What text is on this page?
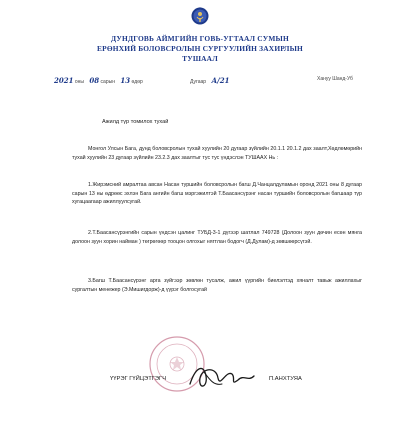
ДУНДГОВЬ АЙМГИЙН ГОВЬ-УГТААЛ СУМЫН
ЕРӨНХИЙ БОЛОВСРОЛЫН СУРГУУЛИЙН ЗАХИРЛЫН
ТУШААЛ
2021 оны 08 сарын 13 өдөр	Дугаар А/21	Хануу Шанд-Уб
Ажилд түр томилох тухай
Монгол Улсын Бага, дунд боловсролын тухай хуулийн 20 дугаар зүйлийн 20.1.1 20.1.2 дах заалт,Хөдлөмөрийн тухай хуулийн 23 дугаар зүйлийн 23.2.3 дах заалтыг тус тус үндэслэн ТУШААХ Нь :
1.Жирэмсний амралтаа авсан Насан туршийн боловсролын багш Д.Чанцалдуламын оронд 2021 оны 8 дугаар сарын 13 ны өдрөөс эхлэн Бага ангийн багш мэргэжилтэй Т.Баасансүрэнг насан туршийн боловсролын багшаар түр хугацаагаар ажиллуулсугай.
2.Т.Баасансүрэнгийн сарын үндсэн цалинг ТУБД-3-1 дүгээр шатлал 749728 (Долоон зуун дөчин есөн мянга долоон зуун хорин найман ) төгрөгөөр тооцон олгохыг нягтлан бодогч (Д.Дулам)-д зөвшөөрсүгэй.
3.Багш Т.Баасансүрэнг арга зүйгээр зөвлөн тусалж, ажил үүргийн биелэлтэд хяналт тавьж ажиллахыг сургалтын менежер (Э.Мишигдорж)-д үүрэг болгосугай
ҮҮРЭГ ГҮЙЦЭТГЭГЧ	П.АНХТУЯА
